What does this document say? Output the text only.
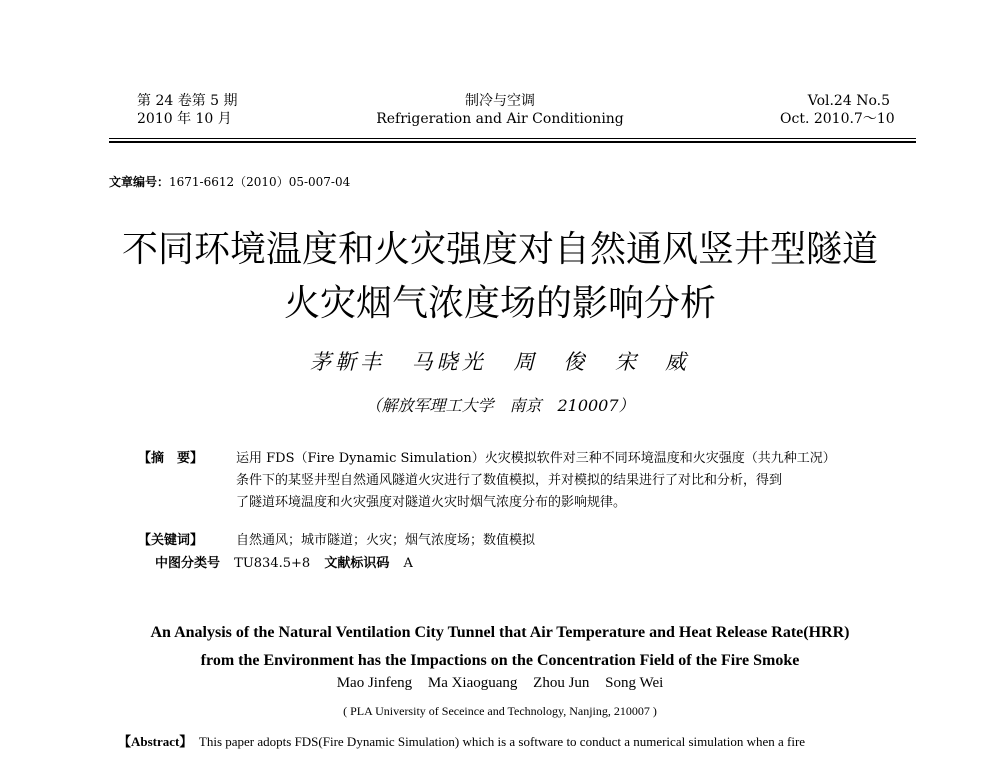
第 24 卷第 5 期
2010 年 10 月
制冷与空调
Refrigeration and Air Conditioning
Vol.24 No.5
Oct. 2010.7～10
文章编号：1671-6612（2010）05-007-04
不同环境温度和火灾强度对自然通风竖井型隧道
火灾烟气浓度场的影响分析
茅靳丰 马晓光 周　俊 宋　威
（解放军理工大学　南京　210007）
【摘　要】	运用 FDS（Fire Dynamic Simulation）火灾模拟软件对三种不同环境温度和火灾强度（共九种工况）
条件下的某竖井型自然通风隧道火灾进行了数值模拟，并对模拟的结果进行了对比和分析，得到
了隧道环境温度和火灾强度对隧道火灾时烟气浓度分布的影响规律。
【关键词】	自然通风；城市隧道；火灾；烟气浓度场；数值模拟
中图分类号 TU834.5+8 文献标识码 A
An Analysis of the Natural Ventilation City Tunnel that Air Temperature and Heat Release Rate(HRR)
from the Environment has the Impactions on the Concentration Field of the Fire Smoke
Mao Jinfeng Ma Xiaoguang Zhou Jun Song Wei
( PLA University of Seceince and Technology, Nanjing, 210007 )
【Abstract】 This paper adopts FDS(Fire Dynamic Simulation) which is a software to conduct a numerical simulation when a fire
